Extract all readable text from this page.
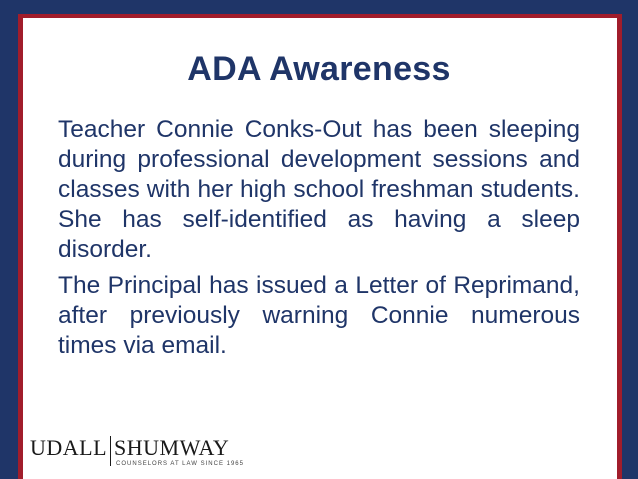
ADA Awareness

Teacher Connie Conks-Out has been sleeping during professional development sessions and classes with her high school freshman students. She has self-identified as having a sleep disorder.

The Principal has issued a Letter of Reprimand, after previously warning Connie numerous times via email.

UDALL SHUMWAY
COUNSELORS AT LAW SINCE 1965
